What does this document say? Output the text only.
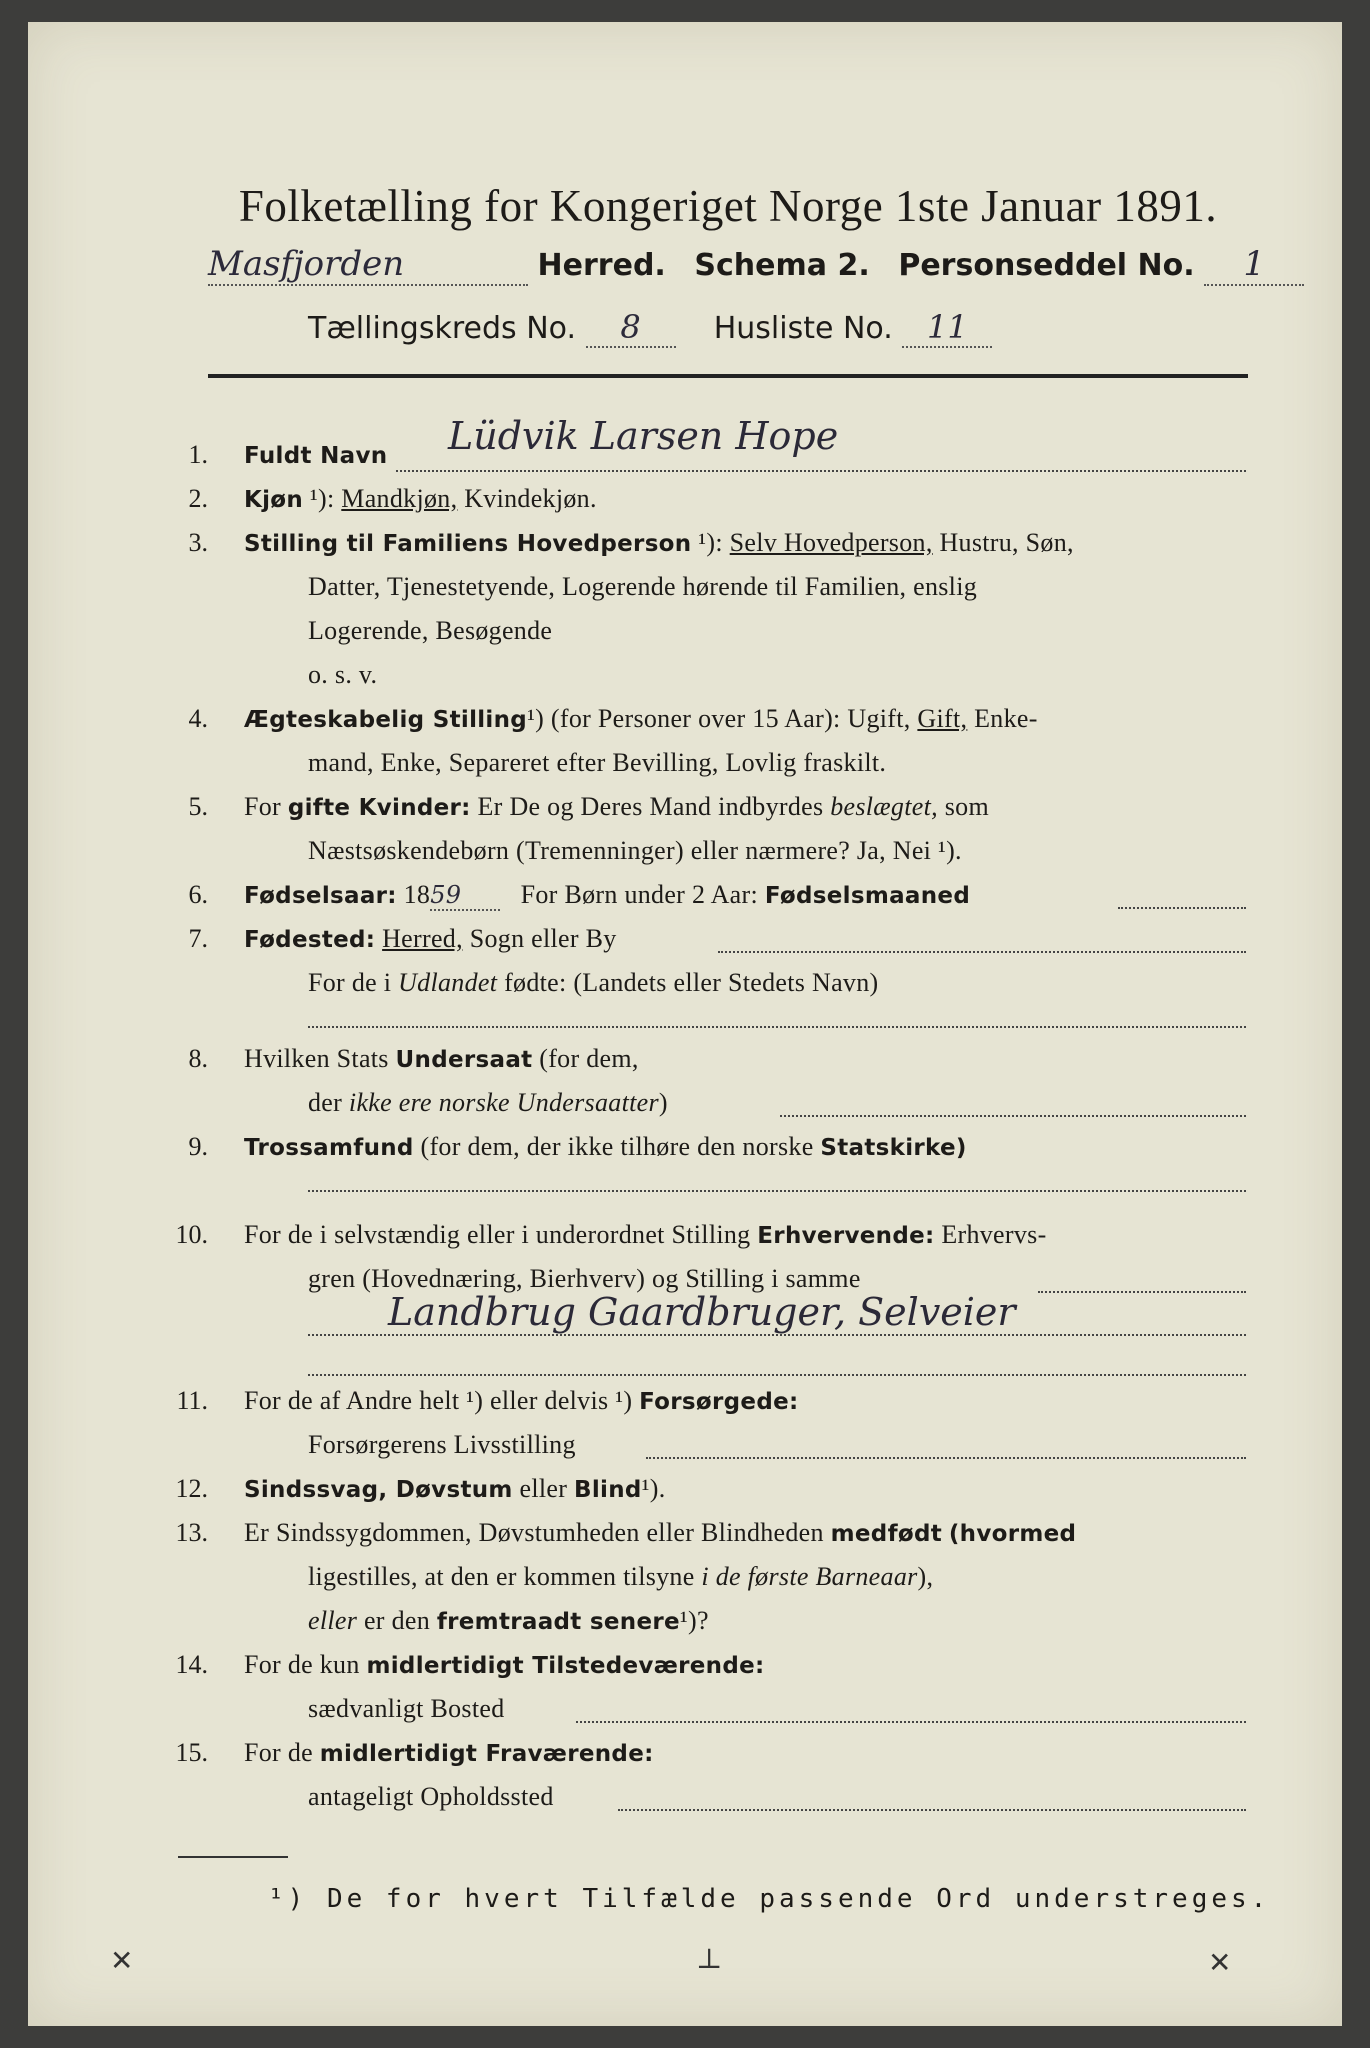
Folketælling for Kongeriget Norge 1ste Januar 1891.
Masfjorden	Herred. Schema 2. Personseddel No. 1
Tællingskreds No. 8 Husliste No. 11
1. Fuldt Navn Lüdvik Larsen Hope
2. Kjøn ¹): Mandkjøn, Kvindekjøn.
3. Stilling til Familiens Hovedperson ¹): Selv Hovedperson, Hustru, Søn,
Datter, Tjenestetyende, Logerende hørende til Familien, enslig
Logerende, Besøgende
o. s. v.
4. Ægteskabelig Stilling¹) (for Personer over 15 Aar): Ugift, Gift, Enke-
mand, Enke, Separeret efter Bevilling, Lovlig fraskilt.
5. For gifte Kvinder: Er De og Deres Mand indbyrdes beslægtet, som
Næstsøskendebørn (Tremenninger) eller nærmere? Ja, Nei ¹).
6. Fødselsaar: 1859 For Børn under 2 Aar: Fødselsmaaned
7. Fødested: Herred, Sogn eller By
For de i Udlandet fødte: (Landets eller Stedets Navn)
8. Hvilken Stats Undersaat (for dem,
der ikke ere norske Undersaatter)
9. Trossamfund (for dem, der ikke tilhøre den norske Statskirke)
10. For de i selvstændig eller i underordnet Stilling Erhvervende: Erhvervs-
gren (Hovednæring, Bierhverv) og Stilling i samme
Landbrug Gaardbruger, Selveier
11. For de af Andre helt ¹) eller delvis ¹) Forsørgede:
Forsørgerens Livsstilling
12. Sindssvag, Døvstum eller Blind¹).
13. Er Sindssygdommen, Døvstumheden eller Blindheden medfødt (hvormed
ligestilles, at den er kommen tilsyne i de første Barneaar),
eller er den fremtraadt senere¹)?
14. For de kun midlertidigt Tilstedeværende:
sædvanligt Bosted
15. For de midlertidigt Fraværende:
antageligt Opholdssted
¹) De for hvert Tilfælde passende Ord understreges.
✕	⊥	✕
